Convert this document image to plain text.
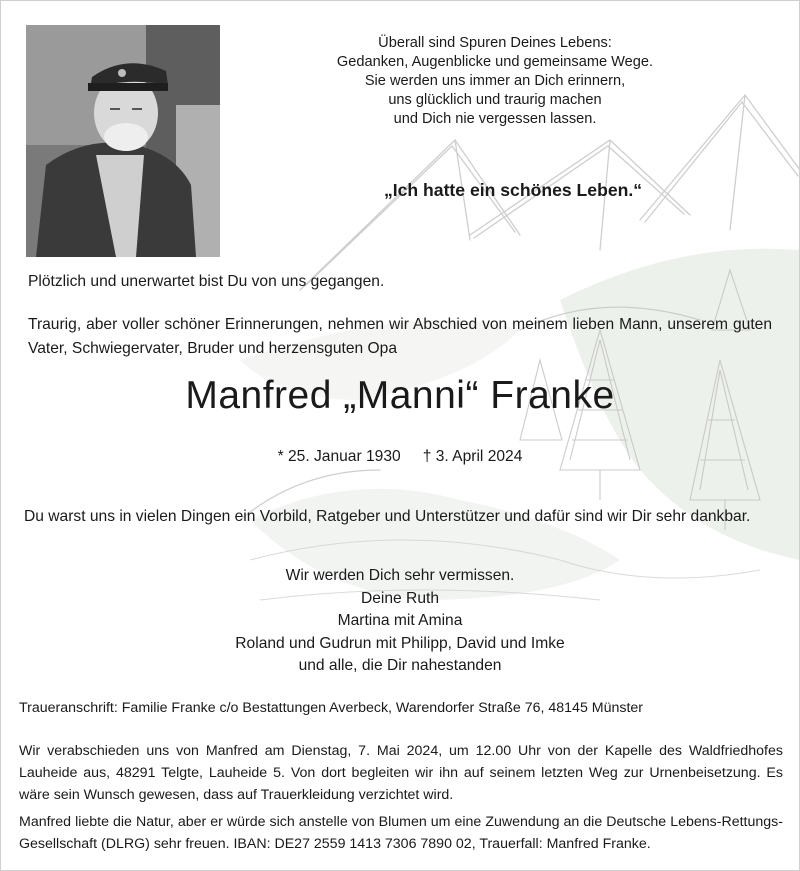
Überall sind Spuren Deines Lebens:
Gedanken, Augenblicke und gemeinsame Wege.
Sie werden uns immer an Dich erinnern,
uns glücklich und traurig machen
und Dich nie vergessen lassen.
„Ich hatte ein schönes Leben.“
Plötzlich und unerwartet bist Du von uns gegangen.
Traurig, aber voller schöner Erinnerungen, nehmen wir Abschied von meinem lieben Mann, unserem guten
Vater, Schwiegervater, Bruder und herzensguten Opa
Manfred „Manni“ Franke
* 25. Januar 1930 † 3. April 2024
Du warst uns in vielen Dingen ein Vorbild, Ratgeber und Unterstützer und dafür sind wir Dir sehr dankbar.
Wir werden Dich sehr vermissen.
Deine Ruth
Martina mit Amina
Roland und Gudrun mit Philipp, David und Imke
und alle, die Dir nahestanden
Traueranschrift: Familie Franke c/o Bestattungen Averbeck, Warendorfer Straße 76, 48145 Münster
Wir verabschieden uns von Manfred am Dienstag, 7. Mai 2024, um 12.00 Uhr von der Kapelle des Waldfriedhofes
Lauheide aus, 48291 Telgte, Lauheide 5. Von dort begleiten wir ihn auf seinem letzten Weg zur Urnenbeisetzung. Es
wäre sein Wunsch gewesen, dass auf Trauerkleidung verzichtet wird.
Manfred liebte die Natur, aber er würde sich anstelle von Blumen um eine Zuwendung an die Deutsche Lebens-Rettungs-
Gesellschaft (DLRG) sehr freuen. IBAN: DE27 2559 1413 7306 7890 02, Trauerfall: Manfred Franke.
